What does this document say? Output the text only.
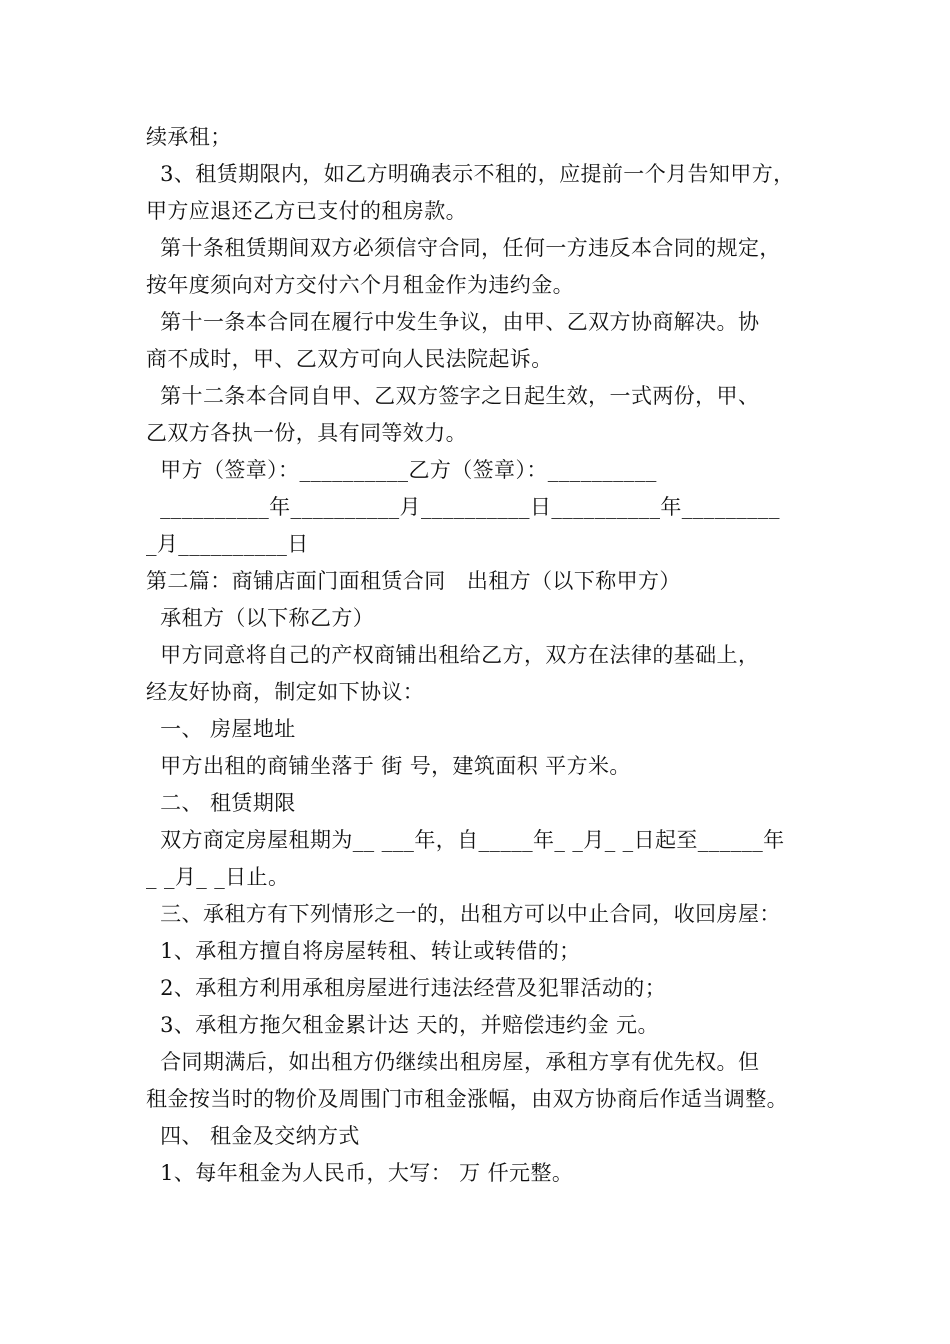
续承租；
3、租赁期限内，如乙方明确表示不租的，应提前一个月告知甲方，
甲方应退还乙方已支付的租房款。
第十条租赁期间双方必须信守合同，任何一方违反本合同的规定，
按年度须向对方交付六个月租金作为违约金。
第十一条本合同在履行中发生争议，由甲、乙双方协商解决。协
商不成时，甲、乙双方可向人民法院起诉。
第十二条本合同自甲、乙双方签字之日起生效，一式两份，甲、
乙双方各执一份，具有同等效力。
甲方（签章）：__________乙方（签章）：__________
__________年__________月__________日__________年_________
_月__________日
第二篇：商铺店面门面租赁合同   出租方（以下称甲方）
承租方（以下称乙方）
甲方同意将自己的产权商铺出租给乙方，双方在法律的基础上，
经友好协商，制定如下协议：
一、 房屋地址
甲方出租的商铺坐落于 街 号，建筑面积 平方米。
二、 租赁期限
双方商定房屋租期为__ ___年，自_____年_ _月_ _日起至______年
_ _月_ _日止。
三、承租方有下列情形之一的，出租方可以中止合同，收回房屋：
1、承租方擅自将房屋转租、转让或转借的；
2、承租方利用承租房屋进行违法经营及犯罪活动的；
3、承租方拖欠租金累计达 天的，并赔偿违约金 元。
合同期满后，如出租方仍继续出租房屋，承租方享有优先权。但
租金按当时的物价及周围门市租金涨幅，由双方协商后作适当调整。
四、 租金及交纳方式
1、每年租金为人民币，大写： 万 仟元整。
